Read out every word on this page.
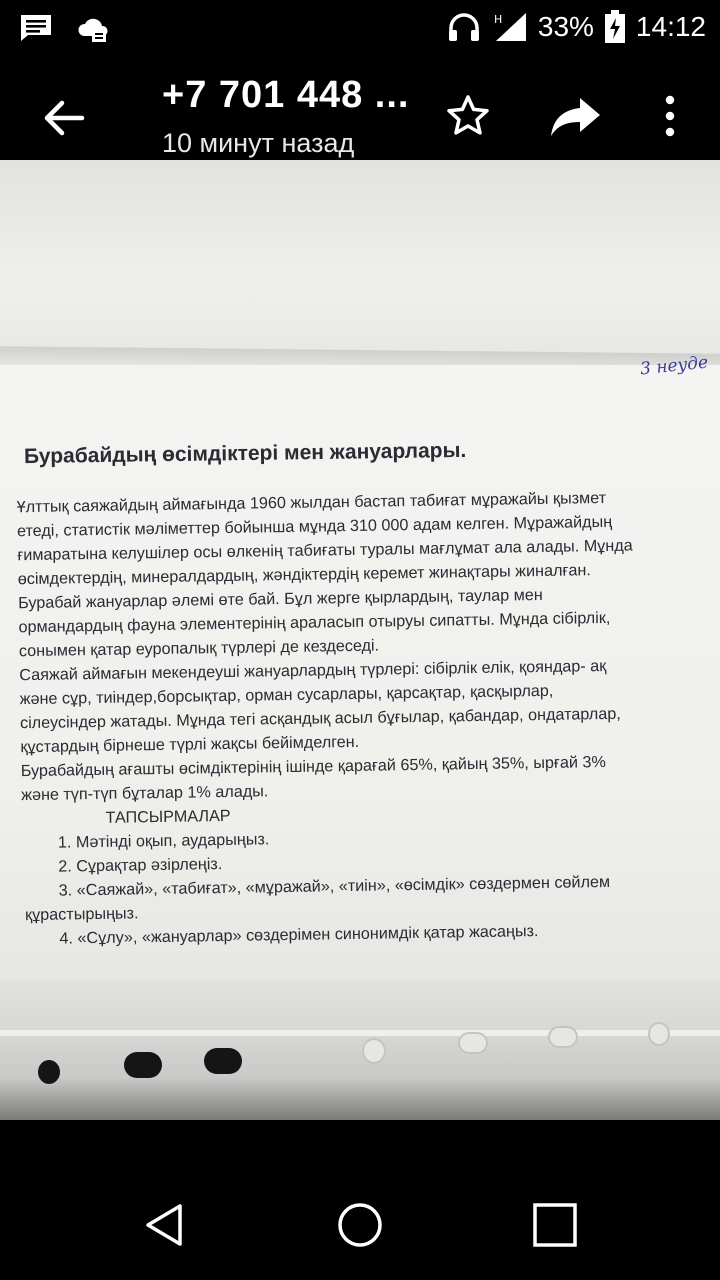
H 33% 14:12
+7 701 448 ...
10 минут назад
3 неуде
Бурабайдың өсімдіктері мен жануарлары.

Ұлттық саяжайдың аймағында 1960 жылдан бастап табиғат мұражайы қызмет

етеді, статистік мәліметтер бойынша мұнда 310 000 адам келген. Мұражайдың

ғимаратына келушілер осы өлкенің табиғаты туралы мағлұмат ала алады. Мұнда

өсімдектердің, минералдардың, жәндіктердің керемет жинақтары жиналған.

Бурабай жануарлар әлемі өте бай. Бұл жерге қырлардың, таулар мен

ормандардың фауна элементерінің араласып отыруы сипатты. Мұнда сібірлік,

сонымен қатар еуропалық түрлері де кездеседі.

Саяжай аймағын мекендеуші жануарлардың түрлері: сібірлік елік, қояндар- ақ

және сұр, тиіндер,борсықтар, орман сусарлары, қарсақтар, қасқырлар,

сілеусіндер жатады. Мұнда тегі асқандық асыл бұғылар, қабандар, ондатарлар,

құстардың бірнеше түрлі жақсы бейімделген.

Бурабайдың ағашты өсімдіктерінің ішінде қарағай 65%, қайың 35%, ырғай 3%

және түп-түп бұталар 1% алады.

ТАПСЫРМАЛАР

1. Мәтінді оқып, аударыңыз.

2. Сұрақтар әзірлеңіз.

3. «Саяжай», «табиғат», «мұражай», «тиін», «өсімдік» сөздермен сөйлем

құрастырыңыз.

4. «Сұлу», «жануарлар» сөздерімен синонимдік қатар жасаңыз.
